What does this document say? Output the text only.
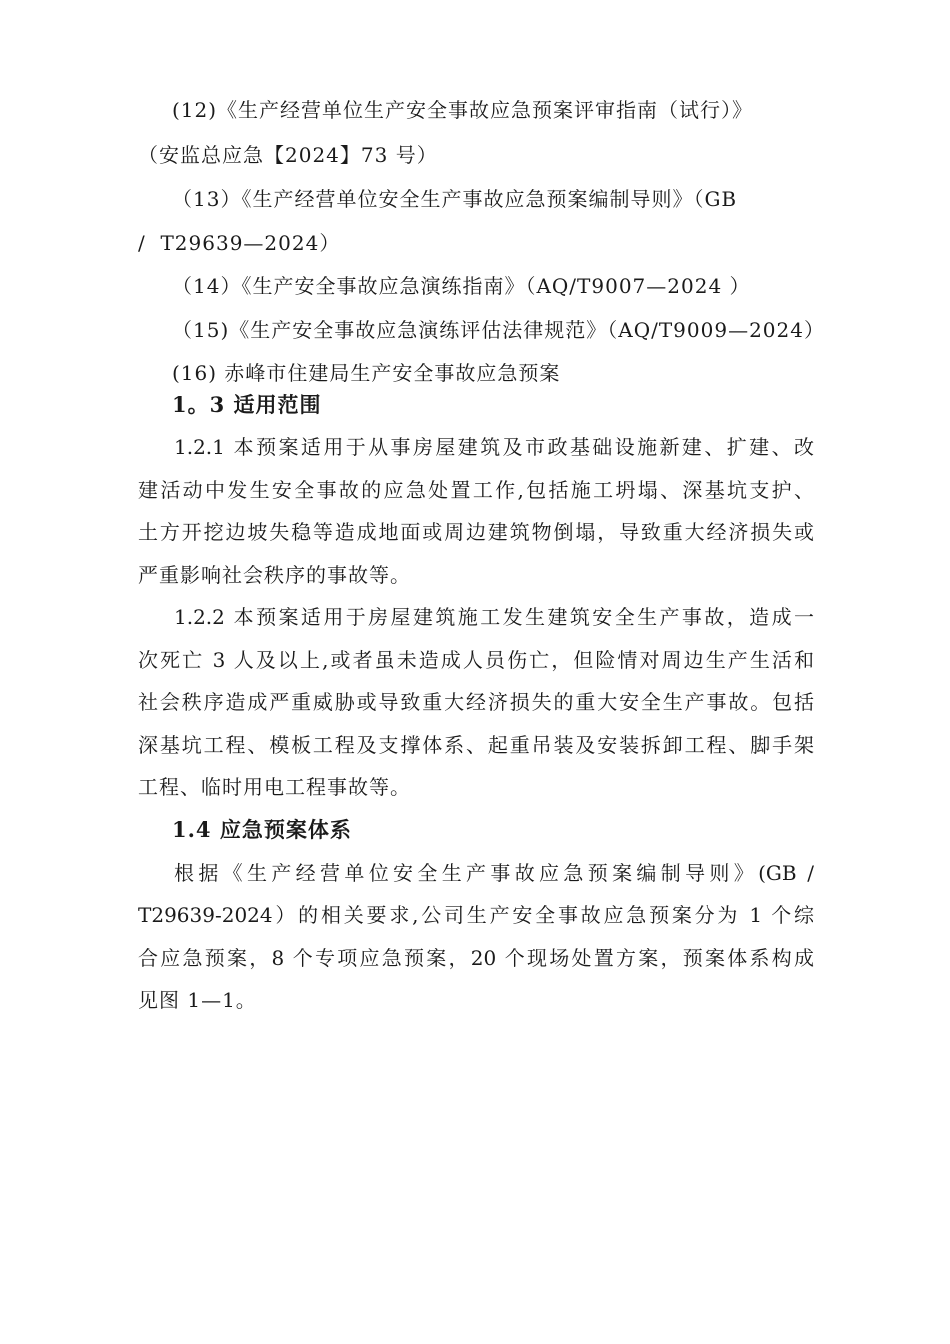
(12)《生产经营单位生产安全事故应急预案评审指南（试行）》
（安监总应急【2024】73 号）
（13）《生产经营单位安全生产事故应急预案编制导则》（GB
/  T29639—2024）
（14）《生产安全事故应急演练指南》（AQ/T9007—2024 ）
（15)《生产安全事故应急演练评估法律规范》（AQ/T9009—2024）
(16) 赤峰市住建局生产安全事故应急预案
1。3 适用范围
1.2.1 本预案适用于从事房屋建筑及市政基础设施新建、扩建、改
建活动中发生安全事故的应急处置工作,包括施工坍塌、深基坑支护、
土方开挖边坡失稳等造成地面或周边建筑物倒塌，导致重大经济损失或
严重影响社会秩序的事故等。
1.2.2 本预案适用于房屋建筑施工发生建筑安全生产事故，造成一
次死亡 3 人及以上,或者虽未造成人员伤亡，但险情对周边生产生活和
社会秩序造成严重威胁或导致重大经济损失的重大安全生产事故。包括
深基坑工程、模板工程及支撑体系、起重吊装及安装拆卸工程、脚手架
工程、临时用电工程事故等。
1.4 应急预案体系
根据《生产经营单位安全生产事故应急预案编制导则》(GB /
T29639-2024）的相关要求,公司生产安全事故应急预案分为 1 个综
合应急预案，8 个专项应急预案，20 个现场处置方案，预案体系构成
见图 1—1。
